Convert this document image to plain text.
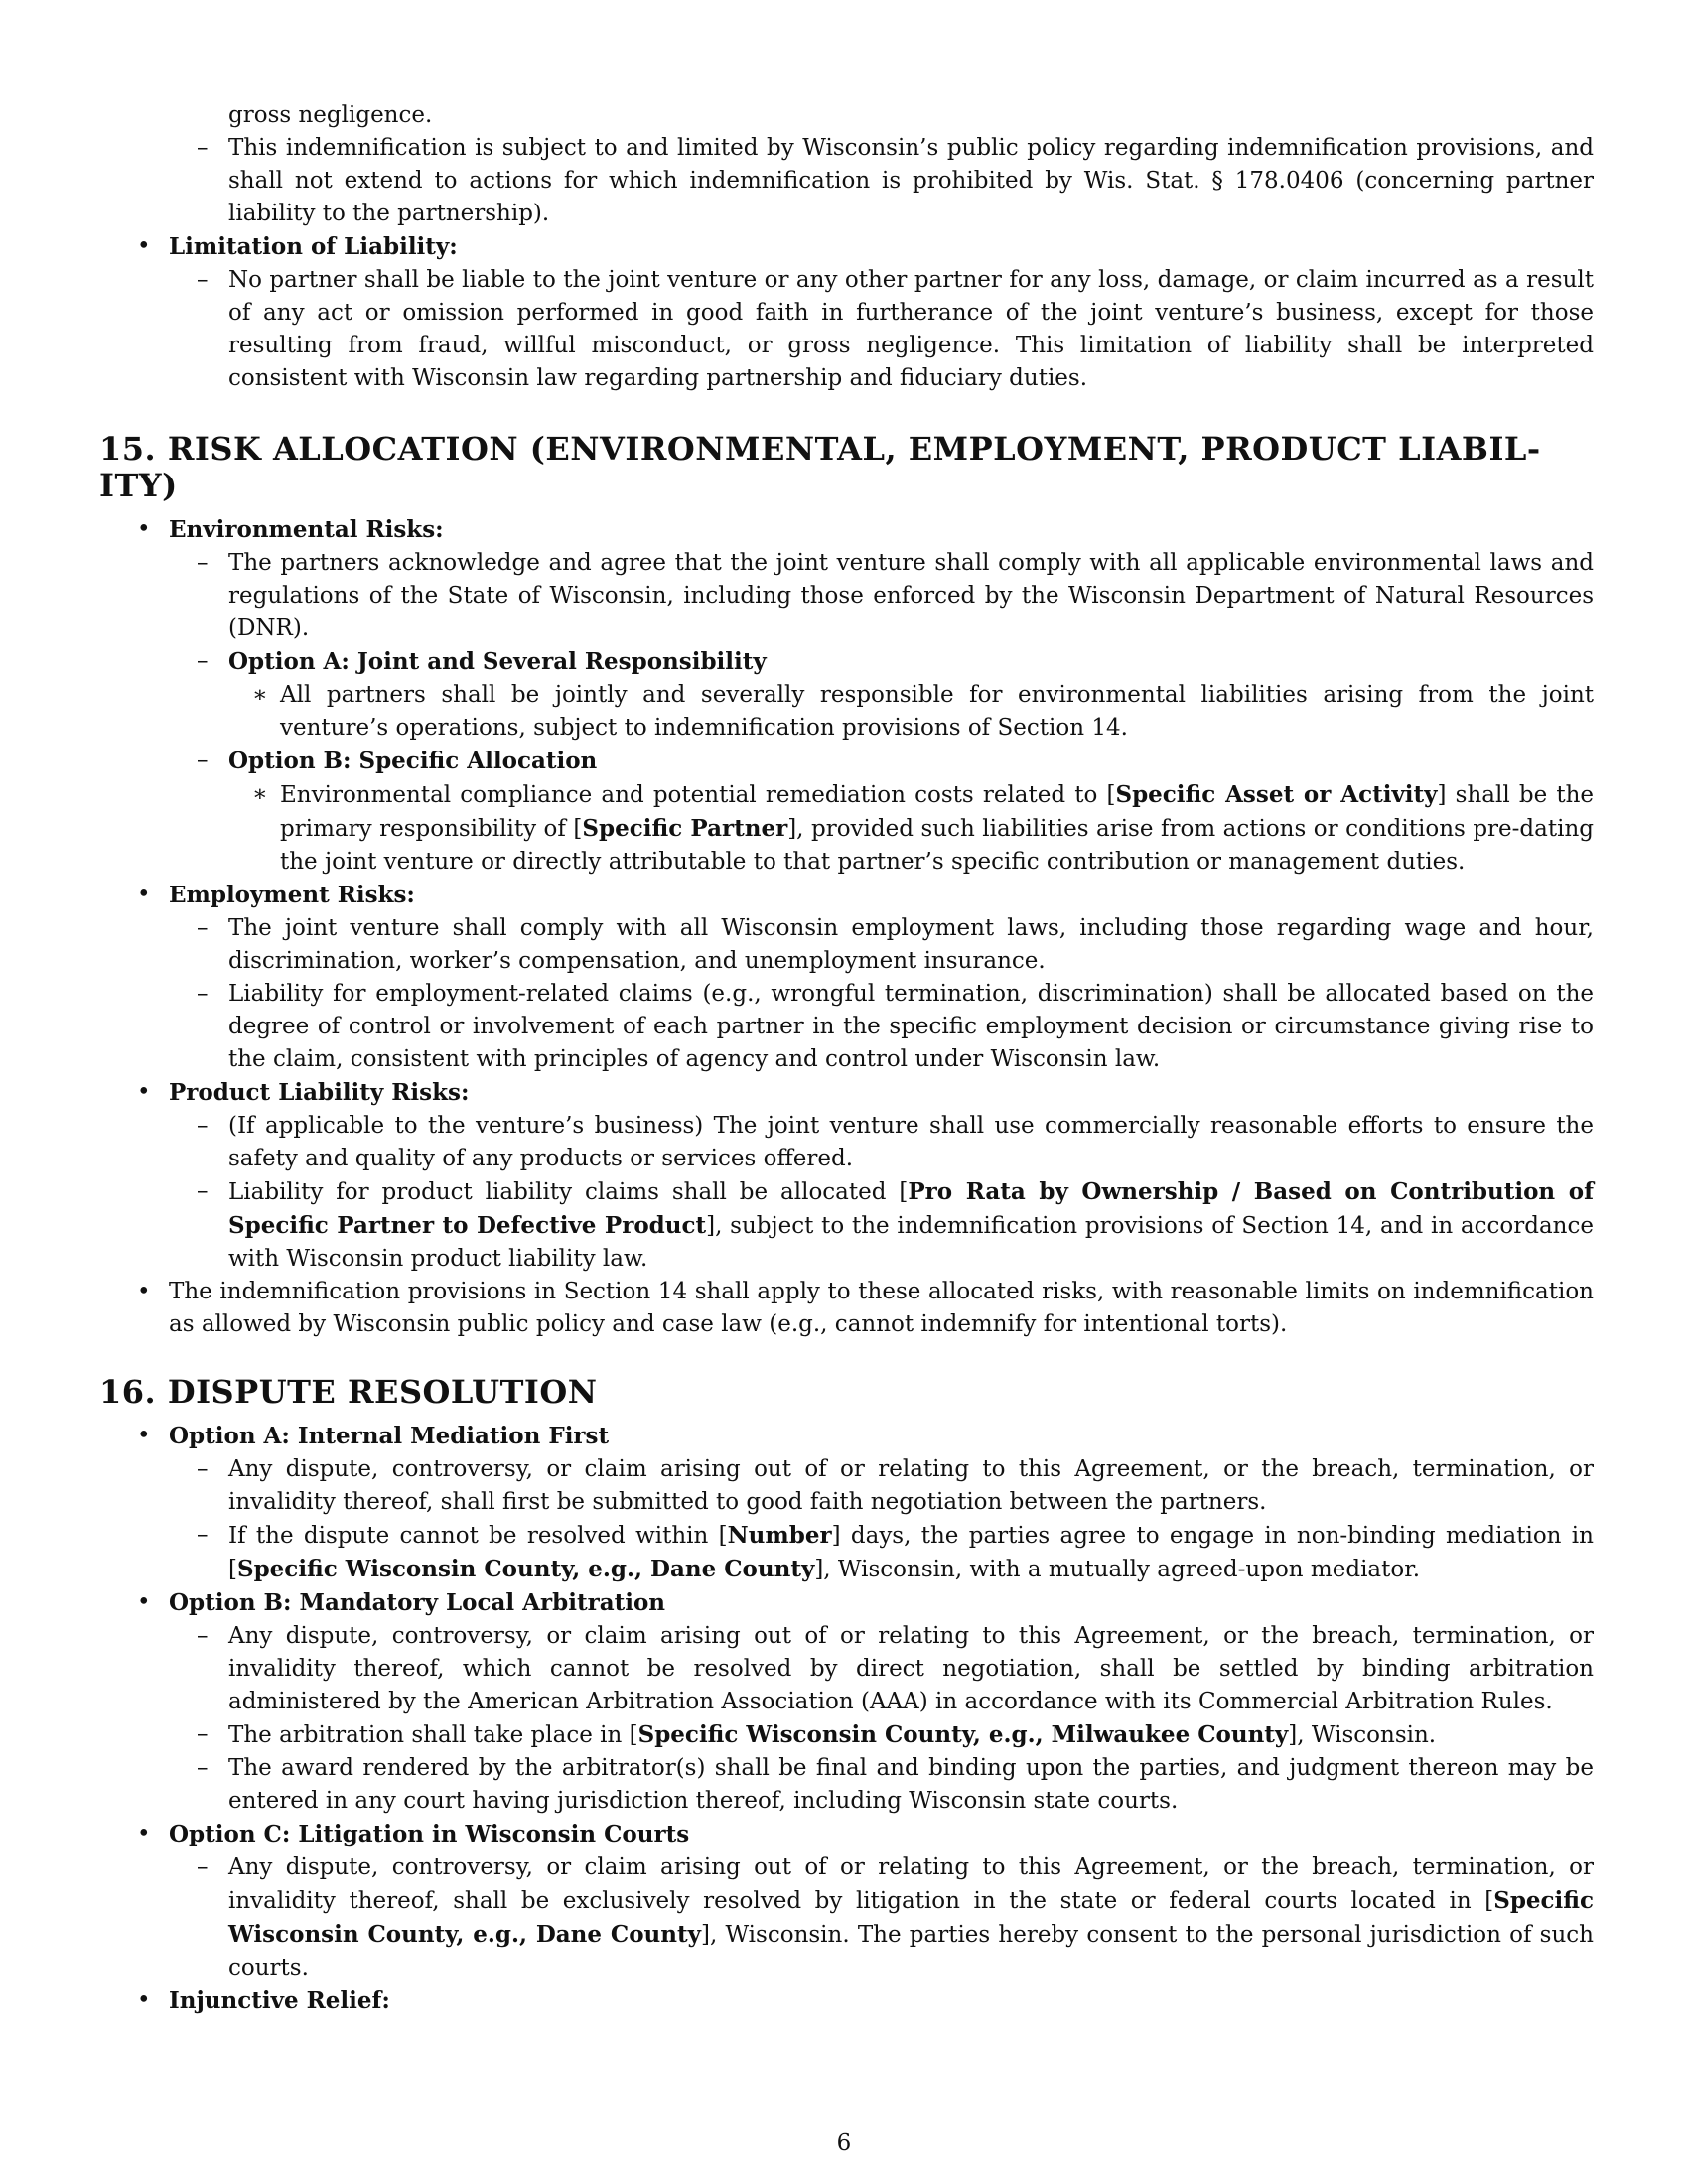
gross negligence.

– This indemnification is subject to and limited by Wisconsin’s public policy regarding indemnification provisions, and shall not extend to actions for which indemnification is prohibited by Wis. Stat. § 178.0406 (concerning partner liability to the partnership).

• Limitation of Liability:

– No partner shall be liable to the joint venture or any other partner for any loss, damage, or claim incurred as a result of any act or omission performed in good faith in furtherance of the joint venture’s business, except for those resulting from fraud, willful misconduct, or gross negligence. This limitation of liability shall be interpreted consistent with Wisconsin law regarding partnership and fiduciary duties.

15. RISK ALLOCATION (ENVIRONMENTAL, EMPLOYMENT, PRODUCT LIABIL-
ITY)
• Environmental Risks:

– The partners acknowledge and agree that the joint venture shall comply with all applicable environmental laws and regulations of the State of Wisconsin, including those enforced by the Wisconsin Department of Natural Resources (DNR).

– Option A: Joint and Several Responsibility

∗ All partners shall be jointly and severally responsible for environmental liabilities arising from the joint venture’s operations, subject to indemnification provisions of Section 14.

– Option B: Specific Allocation

∗ Environmental compliance and potential remediation costs related to [Specific Asset or Activity] shall be the primary responsibility of [Specific Partner], provided such liabilities arise from actions or conditions pre-dating the joint venture or directly attributable to that partner’s specific contribution or management duties.

• Employment Risks:

– The joint venture shall comply with all Wisconsin employment laws, including those regarding wage and hour, discrimination, worker’s compensation, and unemployment insurance.

– Liability for employment-related claims (e.g., wrongful termination, discrimination) shall be allocated based on the degree of control or involvement of each partner in the specific employment decision or circumstance giving rise to the claim, consistent with principles of agency and control under Wisconsin law.

• Product Liability Risks:

– (If applicable to the venture’s business) The joint venture shall use commercially reasonable efforts to ensure the safety and quality of any products or services offered.

– Liability for product liability claims shall be allocated [Pro Rata by Ownership / Based on Contribution of Specific Partner to Defective Product], subject to the indemnification provisions of Section 14, and in accordance with Wisconsin product liability law.

• The indemnification provisions in Section 14 shall apply to these allocated risks, with reasonable limits on indemnification as allowed by Wisconsin public policy and case law (e.g., cannot indemnify for intentional torts).

16. DISPUTE RESOLUTION
• Option A: Internal Mediation First

– Any dispute, controversy, or claim arising out of or relating to this Agreement, or the breach, termination, or invalidity thereof, shall first be submitted to good faith negotiation between the partners.

– If the dispute cannot be resolved within [Number] days, the parties agree to engage in non-binding mediation in [Specific Wisconsin County, e.g., Dane County], Wisconsin, with a mutually agreed-upon mediator.

• Option B: Mandatory Local Arbitration

– Any dispute, controversy, or claim arising out of or relating to this Agreement, or the breach, termination, or invalidity thereof, which cannot be resolved by direct negotiation, shall be settled by binding arbitration administered by the American Arbitration Association (AAA) in accordance with its Commercial Arbitration Rules.

– The arbitration shall take place in [Specific Wisconsin County, e.g., Milwaukee County], Wisconsin.

– The award rendered by the arbitrator(s) shall be final and binding upon the parties, and judgment thereon may be entered in any court having jurisdiction thereof, including Wisconsin state courts.

• Option C: Litigation in Wisconsin Courts

– Any dispute, controversy, or claim arising out of or relating to this Agreement, or the breach, termination, or invalidity thereof, shall be exclusively resolved by litigation in the state or federal courts located in [Specific Wisconsin County, e.g., Dane County], Wisconsin. The parties hereby consent to the personal jurisdiction of such courts.

• Injunctive Relief:

6
